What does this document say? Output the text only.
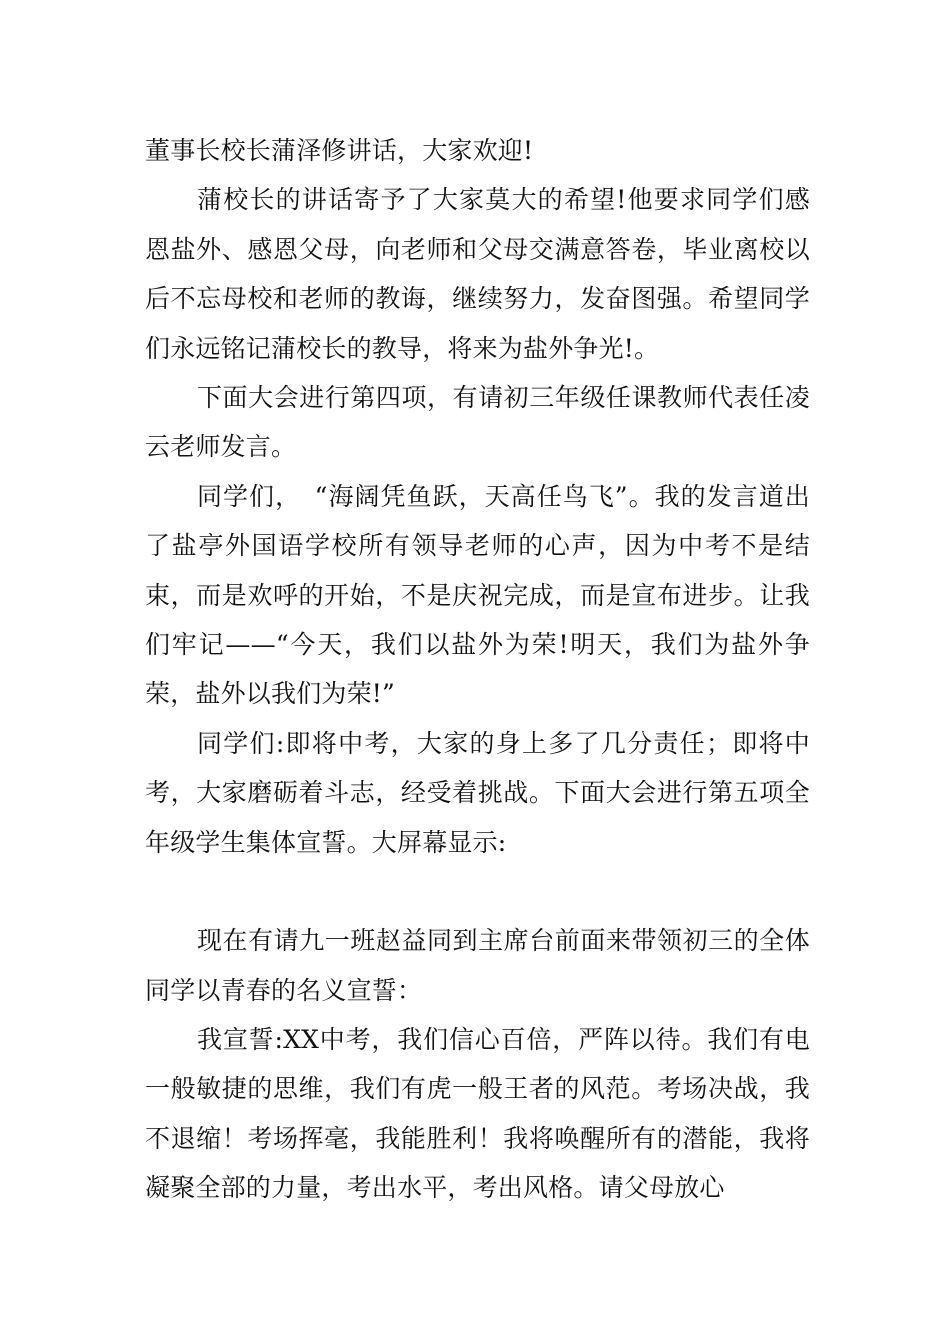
董事长校长蒲泽修讲话，大家欢迎!

蒲校长的讲话寄予了大家莫大的希望!他要求同学们感恩盐外、感恩父母，向老师和父母交满意答卷，毕业离校以后不忘母校和老师的教诲，继续努力，发奋图强。希望同学们永远铭记蒲校长的教导，将来为盐外争光!。

下面大会进行第四项，有请初三年级任课教师代表任凌云老师发言。

同学们，　“海阔凭鱼跃，天高任鸟飞”。我的发言道出了盐亭外国语学校所有领导老师的心声，因为中考不是结束，而是欢呼的开始，不是庆祝完成，而是宣布进步。让我们牢记——“今天，我们以盐外为荣!明天，我们为盐外争荣，盐外以我们为荣!”

同学们:即将中考，大家的身上多了几分责任；即将中考，大家磨砺着斗志，经受着挑战。下面大会进行第五项全年级学生集体宣誓。大屏幕显示:

现在有请九一班赵益同到主席台前面来带领初三的全体同学以青春的名义宣誓：

我宣誓:XX中考，我们信心百倍，严阵以待。我们有电一般敏捷的思维，我们有虎一般王者的风范。考场决战，我不退缩！考场挥毫，我能胜利！我将唤醒所有的潜能，我将凝聚全部的力量，考出水平，考出风格。请父母放心
